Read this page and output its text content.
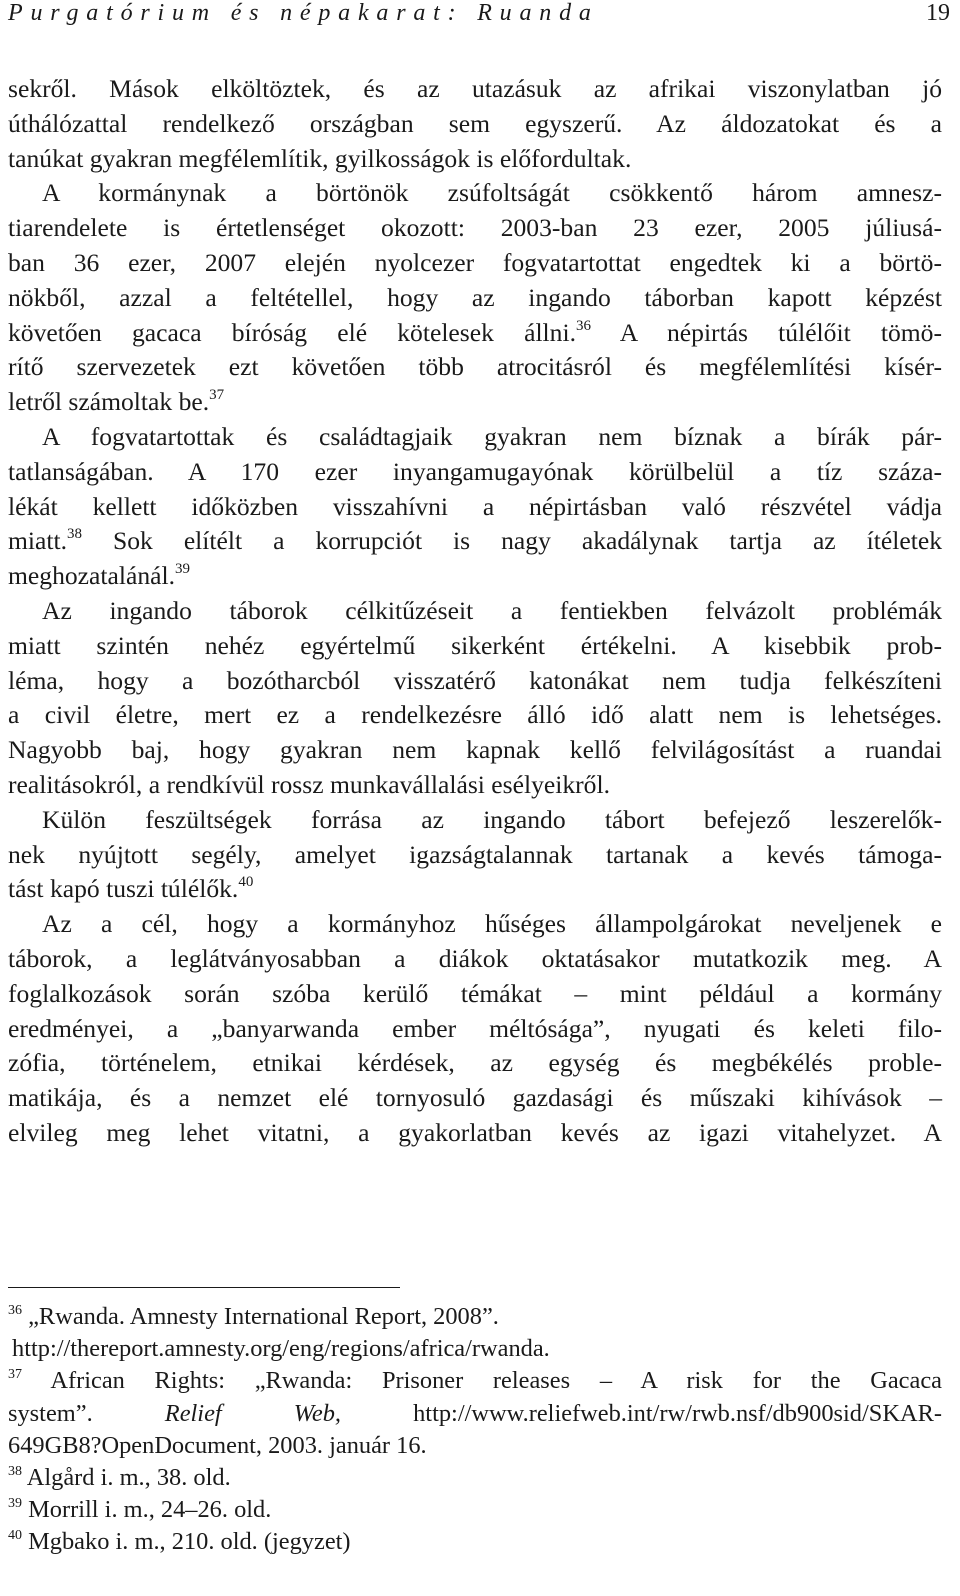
Purgatórium és népakarat: Ruanda	19

sekről. Mások elköltöztek, és az utazásuk az afrikai viszonylatban jó
úthálózattal rendelkező országban sem egyszerű. Az áldozatokat és a
tanúkat gyakran megfélemlítik, gyilkosságok is előfordultak.

A kormánynak a börtönök zsúfoltságát csökkentő három amnesz-
tiarendelete is értetlenséget okozott: 2003-ban 23 ezer, 2005 júliusá-
ban 36 ezer, 2007 elején nyolcezer fogvatartottat engedtek ki a börtö-
nökből, azzal a feltétellel, hogy az ingando táborban kapott képzést
követően gacaca bíróság elé kötelesek állni.$^{36}$ A népirtás túlélőit tömö-
rítő szervezetek ezt követően több atrocitásról és megfélemlítési kísér-
letről számoltak be.$^{37}$

A fogvatartottak és családtagjaik gyakran nem bíznak a bírák pár-
tatlanságában. A 170 ezer inyangamugayónak körülbelül a tíz száza-
lékát kellett időközben visszahívni a népirtásban való részvétel vádja
miatt.$^{38}$ Sok elítélt a korrupciót is nagy akadálynak tartja az ítéletek
meghozatalánál.$^{39}$

Az ingando táborok célkitűzéseit a fentiekben felvázolt problémák
miatt szintén nehéz egyértelmű sikerként értékelni. A kisebbik prob-
léma, hogy a bozótharcból visszatérő katonákat nem tudja felkészíteni
a civil életre, mert ez a rendelkezésre álló idő alatt nem is lehetséges.
Nagyobb baj, hogy gyakran nem kapnak kellő felvilágosítást a ruandai
realitásokról, a rendkívül rossz munkavállalási esélyeikről.

Külön feszültségek forrása az ingando tábort befejező leszerelők-
nek nyújtott segély, amelyet igazságtalannak tartanak a kevés támoga-
tást kapó tuszi túlélők.$^{40}$

Az a cél, hogy a kormányhoz hűséges állampolgárokat neveljenek e
táborok, a leglátványosabban a diákok oktatásakor mutatkozik meg. A
foglalkozások során szóba kerülő témákat – mint például a kormány
eredményei, a „banyarwanda ember méltósága”, nyugati és keleti filo-
zófia, történelem, etnikai kérdések, az egység és megbékélés proble-
matikája, és a nemzet elé tornyosuló gazdasági és műszaki kihívások –
elvileg meg lehet vitatni, a gyakorlatban kevés az igazi vitahelyzet. A

$^{36}$ „Rwanda. Amnesty International Report, 2008”.
http://thereport.amnesty.org/eng/regions/africa/rwanda.
$^{37}$ African Rights: „Rwanda: Prisoner releases – A risk for the Gacaca
system”.	Relief Web,	http://www.reliefweb.int/rw/rwb.nsf/db900sid/SKAR-
649GB8?OpenDocument, 2003. január 16.
$^{38}$ Algård i. m., 38. old.
$^{39}$ Morrill i. m., 24–26. old.
$^{40}$ Mgbako i. m., 210. old. (jegyzet)
